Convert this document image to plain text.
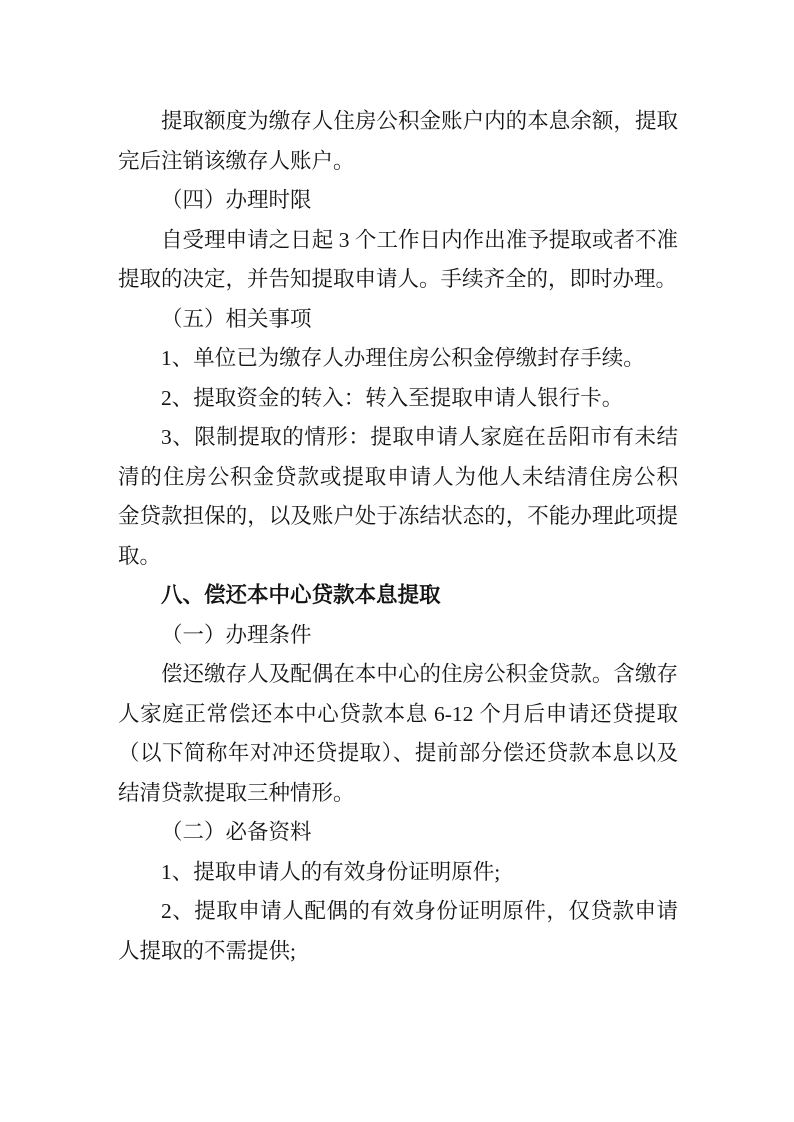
提取额度为缴存人住房公积金账户内的本息余额，提取
完后注销该缴存人账户。
（四）办理时限
自受理申请之日起 3 个工作日内作出准予提取或者不准
提取的决定，并告知提取申请人。手续齐全的，即时办理。
（五）相关事项
1、单位已为缴存人办理住房公积金停缴封存手续。
2、提取资金的转入：转入至提取申请人银行卡。
3、限制提取的情形：提取申请人家庭在岳阳市有未结
清的住房公积金贷款或提取申请人为他人未结清住房公积
金贷款担保的，以及账户处于冻结状态的，不能办理此项提
取。
八、偿还本中心贷款本息提取
（一）办理条件
偿还缴存人及配偶在本中心的住房公积金贷款。含缴存
人家庭正常偿还本中心贷款本息 6-12 个月后申请还贷提取
（以下简称年对冲还贷提取）、提前部分偿还贷款本息以及
结清贷款提取三种情形。
（二）必备资料
1、提取申请人的有效身份证明原件;
2、提取申请人配偶的有效身份证明原件，仅贷款申请
人提取的不需提供;
